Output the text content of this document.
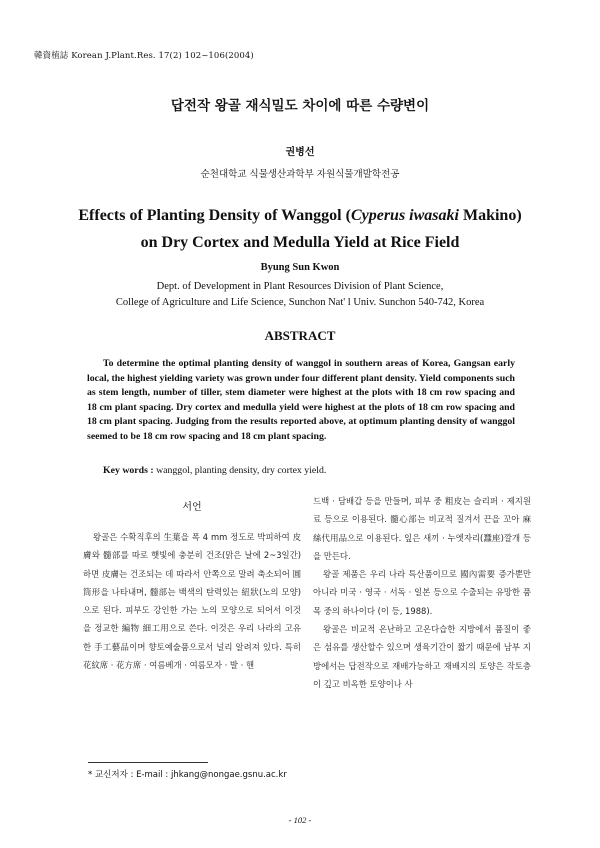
韓資植誌 Korean J.Plant.Res. 17(2) 102~106(2004)
답전작 왕골 재식밀도 차이에 따른 수량변이
권병선
순천대학교 식물생산과학부 자원식물개발학전공
Effects of Planting Density of Wanggol (Cyperus iwasaki Makino)
on Dry Cortex and Medulla Yield at Rice Field
Byung Sun Kwon
Dept. of Development in Plant Resources Division of Plant Science,
College of Agriculture and Life Science, Sunchon Nat' l Univ. Sunchon 540-742, Korea
ABSTRACT
To determine the optimal planting density of wanggol in southern areas of Korea, Gangsan early local, the highest yielding variety was grown under four different plant density. Yield components such as stem length, number of tiller, stem diameter were highest at the plots with 18 cm row spacing and 18 cm plant spacing. Dry cortex and medulla yield were highest at the plots of 18 cm row spacing and 18 cm plant spacing. Judging from the results reported above, at optimum planting density of wanggol seemed to be 18 cm row spacing and 18 cm plant spacing.
Key words : wanggol, planting density, dry cortex yield.
서언

왕골은 수확직후의 生葉을 폭 4 mm 정도로 박피하여 皮膚와 髓部를 따로 햇빛에 충분히 건조(맑은 날에 2~3일간)하면 皮膚는 건조되는 데 따라서 안쪽으로 말려 축소되어 圓筒形을 나타내며, 髓部는 백색의 탄력있는 紐狀(노의 모양)으로 된다. 피부도 강인한 가는 노의 모양으로 되어서 이것을 정교한 編物 細工用으로 쓴다. 이것은 우리 나라의 고유한 手工藝品이며 향토예술품으로서 널리 알려져 있다. 특히 花紋席 · 花方席 · 여름베개 · 여름모자 · 발 · 핸

드백 · 담배갑 등을 만들며, 피부 중 粗皮는 슬리퍼 · 제지원료 등으로 이용된다. 髓心部는 비교적 질겨서 끈을 꼬아 麻絲代用品으로 이용된다. 잎은 새끼 · 누엣자리(蠶座)깔개 등을 만든다.

왕골 제품은 우리 나라 특산품이므로 國內需要 증가뿐만 아니라 미국 · 영국 · 서독 · 일본 등으로 수출되는 유망한 품목 중의 하나이다 (이 등, 1988).

왕골은 비교적 온난하고 고온다습한 지방에서 품질이 좋은 섬유를 생산할수 있으며 생육기간이 짧기 때문에 남부 지방에서는 답전작으로 재배가능하고 재배지의 토양은 작토층이 깊고 비옥한 토양이나 사

* 교신저자 : E-mail : jhkang@nongae.gsnu.ac.kr
- 102 -
